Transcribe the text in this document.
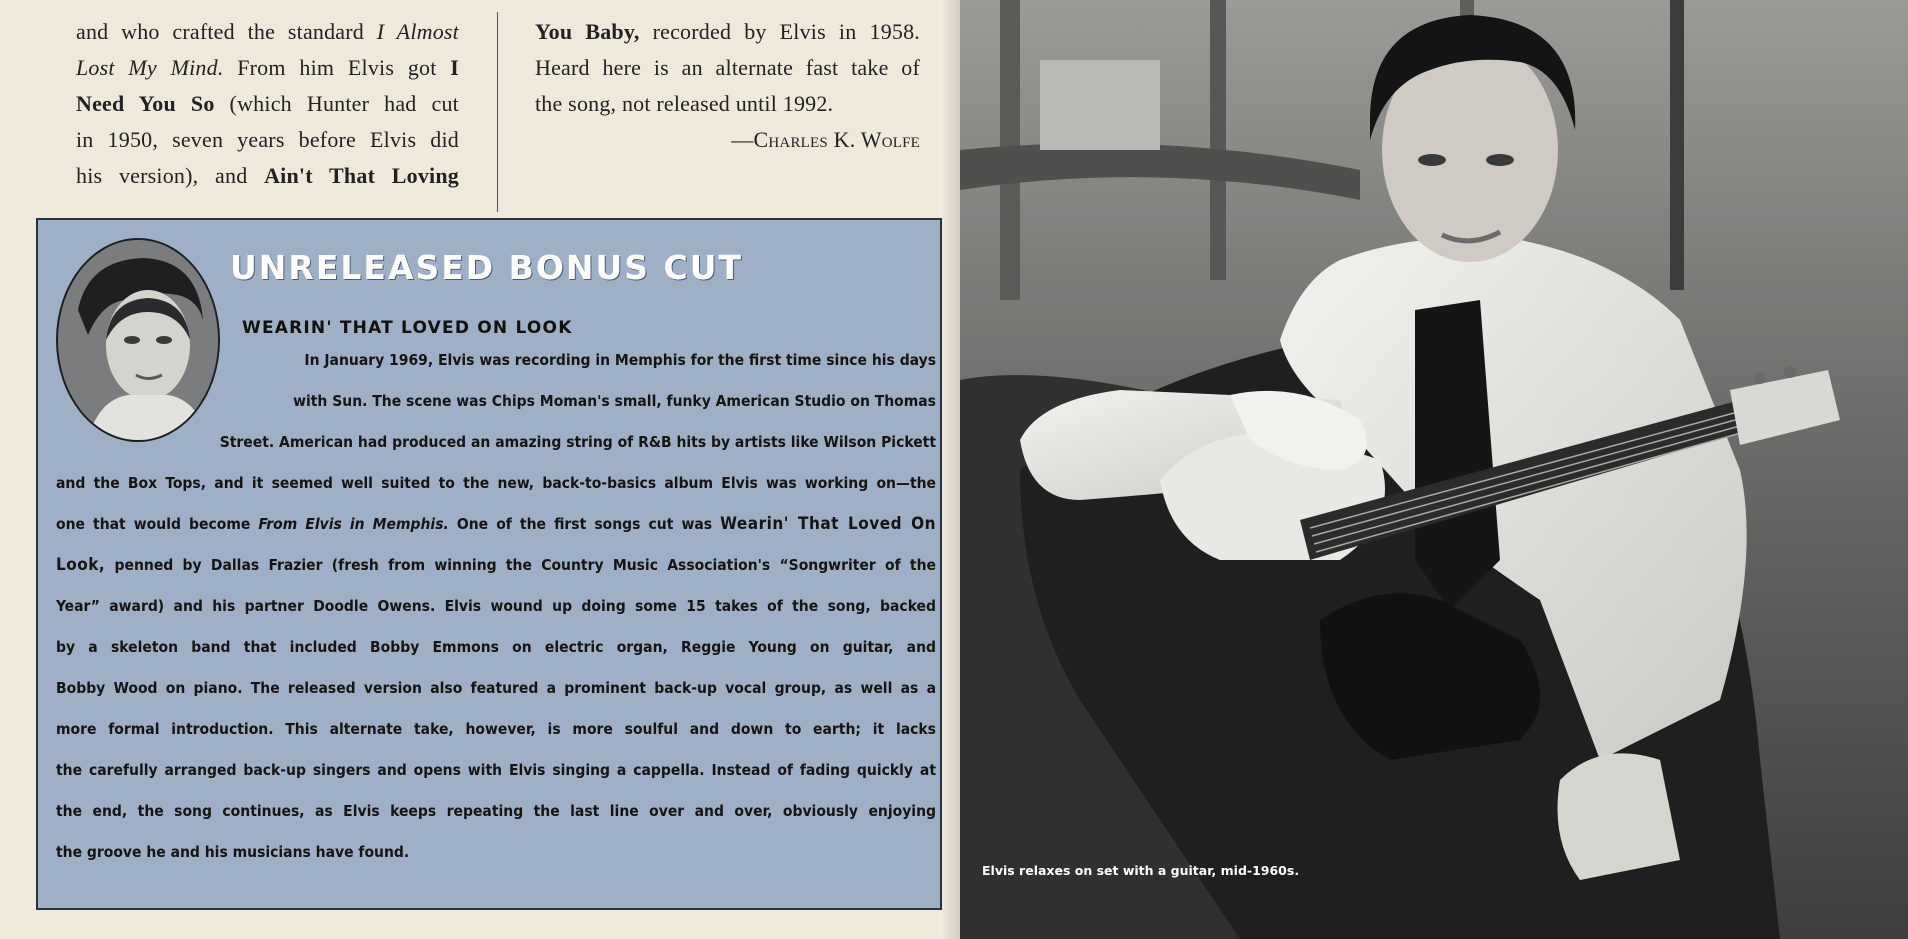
and who crafted the standard I Almost
Lost My Mind. From him Elvis got I
Need You So (which Hunter had cut
in 1950, seven years before Elvis did
his version), and Ain't That Loving
You Baby, recorded by Elvis in 1958.
Heard here is an alternate fast take of
the song, not released until 1992.
—Charles K. Wolfe
UNRELEASED BONUS CUT
WEARIN' THAT LOVED ON LOOK
In January 1969, Elvis was recording in Memphis for the first time since his days
with Sun. The scene was Chips Moman's small, funky American Studio on Thomas
Street. American had produced an amazing string of R&B hits by artists like Wilson Pickett
and the Box Tops, and it seemed well suited to the new, back-to-basics album Elvis was working on—the
one that would become From Elvis in Memphis. One of the first songs cut was Wearin' That Loved On
Look, penned by Dallas Frazier (fresh from winning the Country Music Association's “Songwriter of the
Year” award) and his partner Doodle Owens. Elvis wound up doing some 15 takes of the song, backed
by a skeleton band that included Bobby Emmons on electric organ, Reggie Young on guitar, and
Bobby Wood on piano. The released version also featured a prominent back-up vocal group, as well as a
more formal introduction. This alternate take, however, is more soulful and down to earth; it lacks
the carefully arranged back-up singers and opens with Elvis singing a cappella. Instead of fading quickly at
the end, the song continues, as Elvis keeps repeating the last line over and over, obviously enjoying
the groove he and his musicians have found.
Elvis relaxes on set with a guitar, mid-1960s.
